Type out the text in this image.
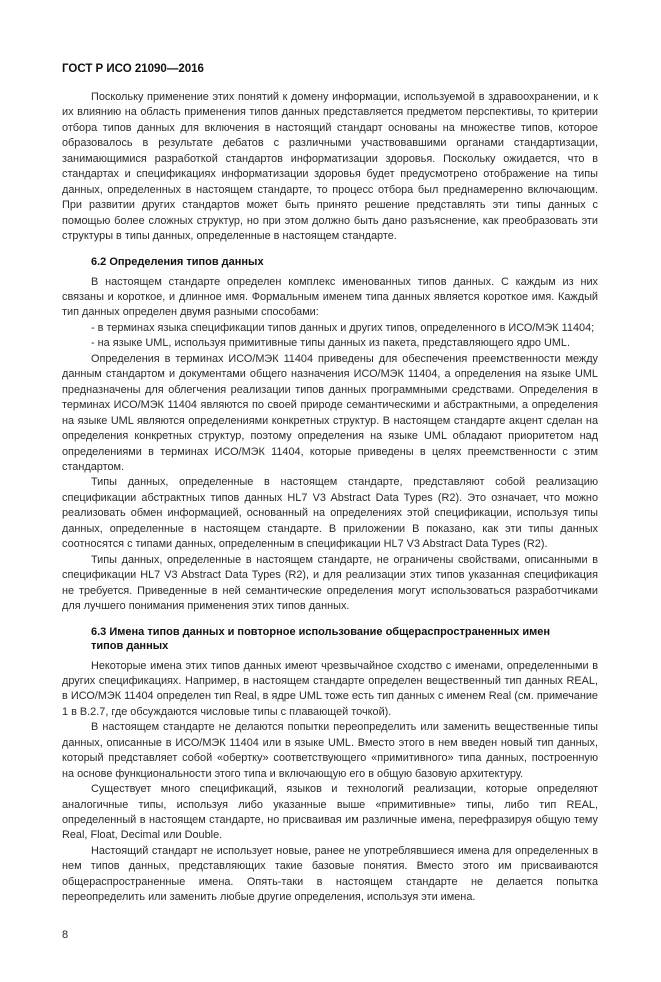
ГОСТ Р ИСО 21090—2016

Поскольку применение этих понятий к домену информации, используемой в здравоохранении, и к их влиянию на область применения типов данных представляется предметом перспективы, то критерии отбора типов данных для включения в настоящий стандарт основаны на множестве типов, которое образовалось в результате дебатов с различными участвовавшими органами стандартизации, занимающимися разработкой стандартов информатизации здоровья. Поскольку ожидается, что в стандартах и спецификациях информатизации здоровья будет предусмотрено отображение на типы данных, определенных в настоящем стандарте, то процесс отбора был преднамеренно включающим. При развитии других стандартов может быть принято решение представлять эти типы данных с помощью более сложных структур, но при этом должно быть дано разъяснение, как преобразовать эти структуры в типы данных, определенные в настоящем стандарте.

6.2 Определения типов данных

В настоящем стандарте определен комплекс именованных типов данных. С каждым из них связаны и короткое, и длинное имя. Формальным именем типа данных является короткое имя. Каждый тип данных определен двумя разными способами:

- в терминах языка спецификации типов данных и других типов, определенного в ИСО/МЭК 11404;

- на языке UML, используя примитивные типы данных из пакета, представляющего ядро UML.

Определения в терминах ИСО/МЭК 11404 приведены для обеспечения преемственности между данным стандартом и документами общего назначения ИСО/МЭК 11404, а определения на языке UML предназначены для облегчения реализации типов данных программными средствами. Определения в терминах ИСО/МЭК 11404 являются по своей природе семантическими и абстрактными, а определения на языке UML являются определениями конкретных структур. В настоящем стандарте акцент сделан на определения конкретных структур, поэтому определения на языке UML обладают приоритетом над определениями в терминах ИСО/МЭК 11404, которые приведены в целях преемственности с этим стандартом.

Типы данных, определенные в настоящем стандарте, представляют собой реализацию спецификации абстрактных типов данных HL7 V3 Abstract Data Types (R2). Это означает, что можно реализовать обмен информацией, основанный на определениях этой спецификации, используя типы данных, определенные в настоящем стандарте. В приложении В показано, как эти типы данных соотносятся с типами данных, определенным в спецификации HL7 V3 Abstract Data Types (R2).

Типы данных, определенные в настоящем стандарте, не ограничены свойствами, описанными в спецификации HL7 V3 Abstract Data Types (R2), и для реализации этих типов указанная спецификация не требуется. Приведенные в ней семантические определения могут использоваться разработчиками для лучшего понимания применения этих типов данных.

6.3 Имена типов данных и повторное использование общераспространенных имен типов данных

Некоторые имена этих типов данных имеют чрезвычайное сходство с именами, определенными в других спецификациях. Например, в настоящем стандарте определен вещественный тип данных REAL, в ИСО/МЭК 11404 определен тип Real, в ядре UML тоже есть тип данных с именем Real (см. примечание 1 в B.2.7, где обсуждаются числовые типы с плавающей точкой).

В настоящем стандарте не делаются попытки переопределить или заменить вещественные типы данных, описанные в ИСО/МЭК 11404 или в языке UML. Вместо этого в нем введен новый тип данных, который представляет собой «обертку» соответствующего «примитивного» типа данных, построенную на основе функциональности этого типа и включающую его в общую базовую архитектуру.

Существует много спецификаций, языков и технологий реализации, которые определяют аналогичные типы, используя либо указанные выше «примитивные» типы, либо тип REAL, определенный в настоящем стандарте, но присваивая им различные имена, перефразируя общую тему Real, Float, Decimal или Double.

Настоящий стандарт не использует новые, ранее не употреблявшиеся имена для определенных в нем типов данных, представляющих такие базовые понятия. Вместо этого им присваиваются общераспространенные имена. Опять-таки в настоящем стандарте не делается попытка переопределить или заменить любые другие определения, используя эти имена.

8
